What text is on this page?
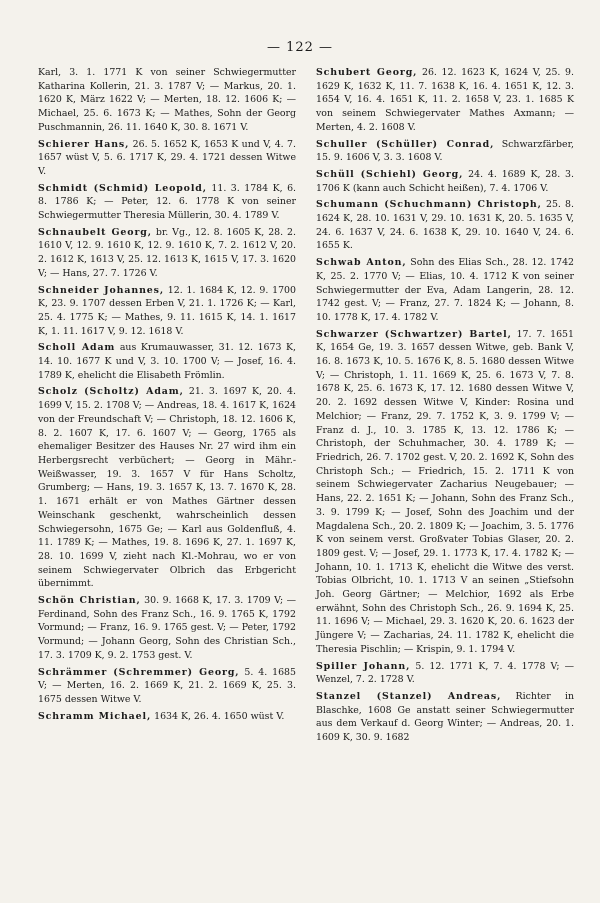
— 122 —

Karl, 3. 1. 1771 K von seiner Schwiegermutter Katharina Kollerin, 21. 3. 1787 V; — Markus, 20. 1. 1620 K, März 1622 V; — Merten, 18. 12. 1606 K; — Michael, 25. 6. 1673 K; — Mathes, Sohn der Georg Puschmannin, 26. 11. 1640 K, 30. 8. 1671 V.

Schierer Hans, 26. 5. 1652 K, 1653 K und V, 4. 7. 1657 wüst V, 5. 6. 1717 K, 29. 4. 1721 dessen Witwe V.

Schmidt (Schmid) Leopold, 11. 3. 1784 K, 6. 8. 1786 K; — Peter, 12. 6. 1778 K von seiner Schwiegermutter Theresia Müllerin, 30. 4. 1789 V.

Schnaubelt Georg, br. Vg., 12. 8. 1605 K, 28. 2. 1610 V, 12. 9. 1610 K, 12. 9. 1610 K, 7. 2. 1612 V, 20. 2. 1612 K, 1613 V, 25. 12. 1613 K, 1615 V, 17. 3. 1620 V; — Hans, 27. 7. 1726 V.

Schneider Johannes, 12. 1. 1684 K, 12. 9. 1700 K, 23. 9. 1707 dessen Erben V, 21. 1. 1726 K; — Karl, 25. 4. 1775 K; — Mathes, 9. 11. 1615 K, 14. 1. 1617 K, 1. 11. 1617 V, 9. 12. 1618 V.

Scholl Adam aus Krumauwasser, 31. 12. 1673 K, 14. 10. 1677 K und V, 3. 10. 1700 V; — Josef, 16. 4. 1789 K, ehelicht die Elisabeth Frömlin.

Scholz (Scholtz) Adam, 21. 3. 1697 K, 20. 4. 1699 V, 15. 2. 1708 V; — Andreas, 18. 4. 1617 K, 1624 von der Freundschaft V; — Christoph, 18. 12. 1606 K, 8. 2. 1607 K, 17. 6. 1607 V; — Georg, 1765 als ehemaliger Besitzer des Hauses Nr. 27 wird ihm ein Herbergsrecht verbüchert; — Georg in Mähr.-Weißwasser, 19. 3. 1657 V für Hans Scholtz, Grumberg; — Hans, 19. 3. 1657 K, 13. 7. 1670 K, 28. 1. 1671 erhält er von Mathes Gärtner dessen Weinschank geschenkt, wahrscheinlich dessen Schwiegersohn, 1675 Ge; — Karl aus Goldenfluß, 4. 11. 1789 K; — Mathes, 19. 8. 1696 K, 27. 1. 1697 K, 28. 10. 1699 V, zieht nach Kl.-Mohrau, wo er von seinem Schwiegervater Olbrich das Erbgericht übernimmt.

Schön Christian, 30. 9. 1668 K, 17. 3. 1709 V; — Ferdinand, Sohn des Franz Sch., 16. 9. 1765 K, 1792 Vormund; — Franz, 16. 9. 1765 gest. V; — Peter, 1792 Vormund; — Johann Georg, Sohn des Christian Sch., 17. 3. 1709 K, 9. 2. 1753 gest. V.

Schrämmer (Schremmer) Georg, 5. 4. 1685 V; — Merten, 16. 2. 1669 K, 21. 2. 1669 K, 25. 3. 1675 dessen Witwe V.

Schramm Michael, 1634 K, 26. 4. 1650 wüst V.

Schubert Georg, 26. 12. 1623 K, 1624 V, 25. 9. 1629 K, 1632 K, 11. 7. 1638 K, 16. 4. 1651 K, 12. 3. 1654 V, 16. 4. 1651 K, 11. 2. 1658 V, 23. 1. 1685 K von seinem Schwiegervater Mathes Axmann; — Merten, 4. 2. 1608 V.

Schuller (Schüller) Conrad, Schwarzfärber, 15. 9. 1606 V, 3. 3. 1608 V.

Schüll (Schiehl) Georg, 24. 4. 1689 K, 28. 3. 1706 K (kann auch Schicht heißen), 7. 4. 1706 V.

Schumann (Schuchmann) Christoph, 25. 8. 1624 K, 28. 10. 1631 V, 29. 10. 1631 K, 20. 5. 1635 V, 24. 6. 1637 V, 24. 6. 1638 K, 29. 10. 1640 V, 24. 6. 1655 K.

Schwab Anton, Sohn des Elias Sch., 28. 12. 1742 K, 25. 2. 1770 V; — Elias, 10. 4. 1712 K von seiner Schwiegermutter der Eva, Adam Langerin, 28. 12. 1742 gest. V; — Franz, 27. 7. 1824 K; — Johann, 8. 10. 1778 K, 17. 4. 1782 V.

Schwarzer (Schwartzer) Bartel, 17. 7. 1651 K, 1654 Ge, 19. 3. 1657 dessen Witwe, geb. Bank V, 16. 8. 1673 K, 10. 5. 1676 K, 8. 5. 1680 dessen Witwe V; — Christoph, 1. 11. 1669 K, 25. 6. 1673 V, 7. 8. 1678 K, 25. 6. 1673 K, 17. 12. 1680 dessen Witwe V, 20. 2. 1692 dessen Witwe V, Kinder: Rosina und Melchior; — Franz, 29. 7. 1752 K, 3. 9. 1799 V; — Franz d. J., 10. 3. 1785 K, 13. 12. 1786 K; — Christoph, der Schuhmacher, 30. 4. 1789 K; — Friedrich, 26. 7. 1702 gest. V, 20. 2. 1692 K, Sohn des Christoph Sch.; — Friedrich, 15. 2. 1711 K von seinem Schwiegervater Zacharius Neugebauer; — Hans, 22. 2. 1651 K; — Johann, Sohn des Franz Sch., 3. 9. 1799 K; — Josef, Sohn des Joachim und der Magdalena Sch., 20. 2. 1809 K; — Joachim, 3. 5. 1776 K von seinem verst. Großvater Tobias Glaser, 20. 2. 1809 gest. V; — Josef, 29. 1. 1773 K, 17. 4. 1782 K; — Johann, 10. 1. 1713 K, ehelicht die Witwe des verst. Tobias Olbricht, 10. 1. 1713 V an seinen „Stiefsohn Joh. Georg Gärtner; — Melchior, 1692 als Erbe erwähnt, Sohn des Christoph Sch., 26. 9. 1694 K, 25. 11. 1696 V; — Michael, 29. 3. 1620 K, 20. 6. 1623 der Jüngere V; — Zacharias, 24. 11. 1782 K, ehelicht die Theresia Pischlin; — Krispin, 9. 1. 1794 V.

Spiller Johann, 5. 12. 1771 K, 7. 4. 1778 V; — Wenzel, 7. 2. 1728 V.

Stanzel (Stanzel) Andreas, Richter in Blaschke, 1608 Ge anstatt seiner Schwiegermutter aus dem Verkauf d. Georg Winter; — Andreas, 20. 1. 1609 K, 30. 9. 1682
